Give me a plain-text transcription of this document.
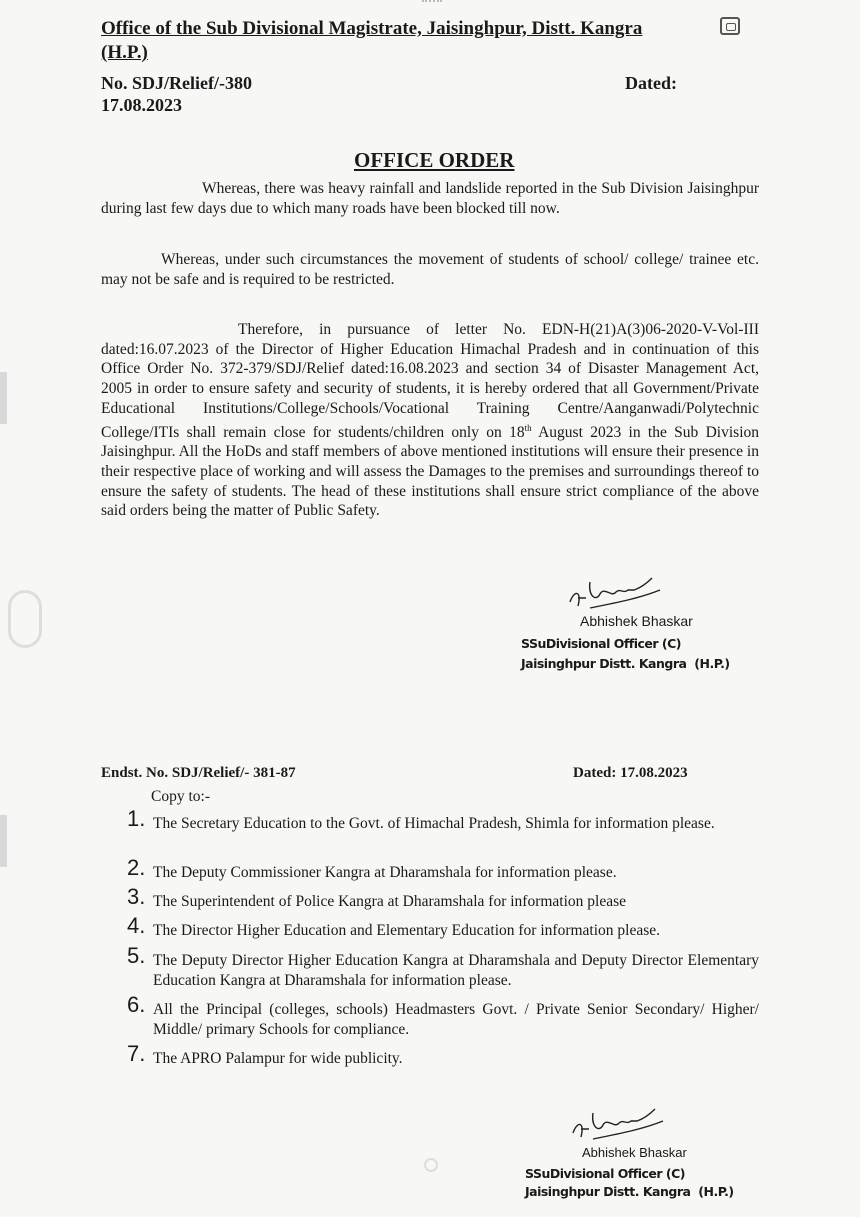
Office of the Sub Divisional Magistrate, Jaisinghpur, Distt. Kangra
(H.P.)
No. SDJ/Relief/-380	Dated:
17.08.2023
OFFICE ORDER
Whereas, there was heavy rainfall and landslide reported in the Sub Division Jaisinghpur during last few days due to which many roads have been blocked till now.
Whereas, under such circumstances the movement of students of school/ college/ trainee etc. may not be safe and is required to be restricted.
Therefore, in pursuance of letter No. EDN-H(21)A(3)06-2020-V-Vol-III dated:16.07.2023 of the Director of Higher Education Himachal Pradesh and in continuation of this Office Order No. 372-379/SDJ/Relief dated:16.08.2023 and section 34 of Disaster Management Act, 2005 in order to ensure safety and security of students, it is hereby ordered that all Government/Private Educational Institutions/College/Schools/Vocational Training Centre/Aanganwadi/Polytechnic College/ITIs shall remain close for students/children only on 18th August 2023 in the Sub Division Jaisinghpur. All the HoDs and staff members of above mentioned institutions will ensure their presence in their respective place of working and will assess the Damages to the premises and surroundings thereof to ensure the safety of students. The head of these institutions shall ensure strict compliance of the above said orders being the matter of Public Safety.
Abhishek Bhaskar
SSuDivisional Officer (C)
Jaisinghpur Distt. Kangra (H.P.)
Endst. No. SDJ/Relief/- 381-87	Dated: 17.08.2023
Copy to:-
1. The Secretary Education to the Govt. of Himachal Pradesh, Shimla for information please.
2. The Deputy Commissioner Kangra at Dharamshala for information please.
3. The Superintendent of Police Kangra at Dharamshala for information please
4. The Director Higher Education and Elementary Education for information please.
5. The Deputy Director Higher Education Kangra at Dharamshala and Deputy Director Elementary Education Kangra at Dharamshala for information please.
6. All the Principal (colleges, schools) Headmasters Govt. / Private Senior Secondary/ Higher/ Middle/ primary Schools for compliance.
7. The APRO Palampur for wide publicity.
Abhishek Bhaskar
SSuDivisional Officer (C)
Jaisinghpur Distt. Kangra (H.P.)
